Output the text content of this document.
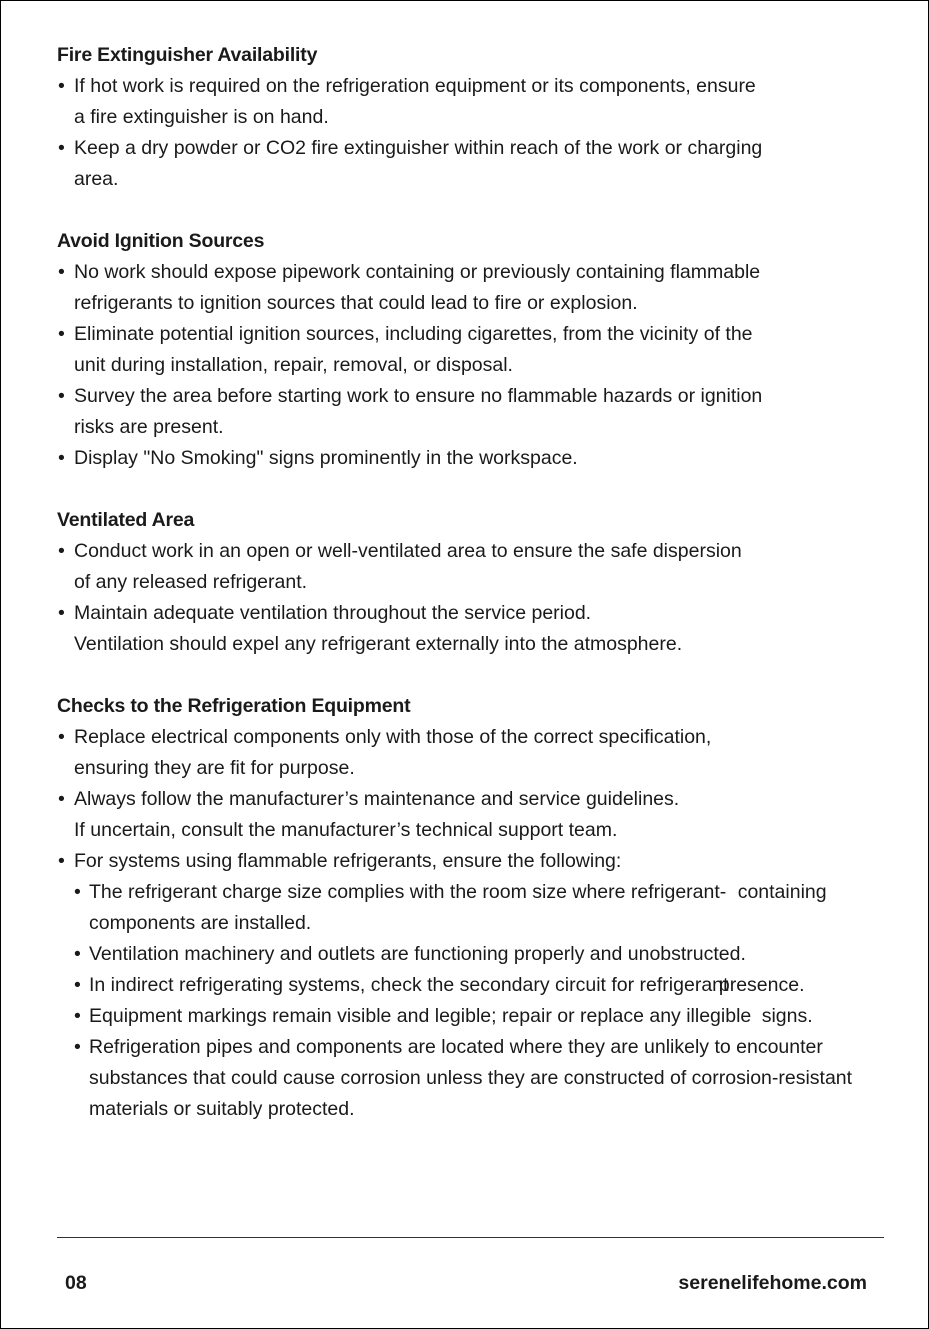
Fire Extinguisher Availability

• If hot work is required on the refrigeration equipment or its components, ensure
a fire extinguisher is on hand.

• Keep a dry powder or CO2 fire extinguisher within reach of the work or charging
area.

Avoid Ignition Sources

• No work should expose pipework containing or previously containing flammable
refrigerants to ignition sources that could lead to fire or explosion.

• Eliminate potential ignition sources, including cigarettes, from the vicinity of the
unit during installation, repair, removal, or disposal.

• Survey the area before starting work to ensure no flammable hazards or ignition
risks are present.

• Display "No Smoking" signs prominently in the workspace.

Ventilated Area

• Conduct work in an open or well-ventilated area to ensure the safe dispersion
of any released refrigerant.

• Maintain adequate ventilation throughout the service period.
Ventilation should expel any refrigerant externally into the atmosphere.

Checks to the Refrigeration Equipment

• Replace electrical components only with those of the correct specification,
ensuring they are fit for purpose.

• Always follow the manufacturer’s maintenance and service guidelines.
If uncertain, consult the manufacturer’s technical support team.

• For systems using flammable refrigerants, ensure the following:

• The refrigerant charge size complies with the room size where refrigerant- containing components are installed.

• Ventilation machinery and outlets are functioning properly and unobstructed.

• In indirect refrigerating systems, check the secondary circuit for refrigerant presence.

• Equipment markings remain visible and legible; repair or replace any illegible signs.

• Refrigeration pipes and components are located where they are unlikely to encounter substances that could cause corrosion unless they are constructed of corrosion-resistant materials or suitably protected.

08	serenelifehome.com
